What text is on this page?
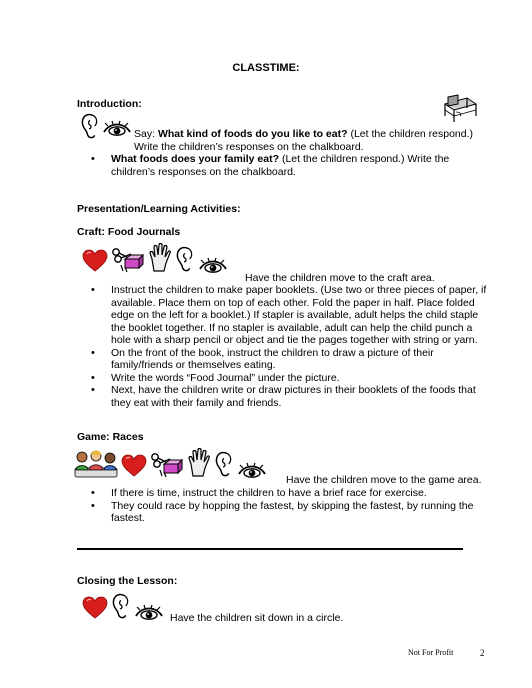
CLASSTIME:
Introduction:
Say: What kind of foods do you like to eat? (Let the children respond.) Write the children’s responses on the chalkboard.
• What foods does your family eat? (Let the children respond.) Write the children’s responses on the chalkboard.
Presentation/Learning Activities:
Craft: Food Journals
Have the children move to the craft area.
• Instruct the children to make paper booklets. (Use two or three pieces of paper, if available. Place them on top of each other. Fold the paper in half. Place folded edge on the left for a booklet.) If stapler is available, adult helps the child staple the booklet together. If no stapler is available, adult can help the child punch a hole with a sharp pencil or object and tie the pages together with string or yarn.
• On the front of the book, instruct the children to draw a picture of their family/friends or themselves eating.
• Write the words “Food Journal” under the picture.
• Next, have the children write or draw pictures in their booklets of the foods that they eat with their family and friends.
Game: Races
Have the children move to the game area.
• If there is time, instruct the children to have a brief race for exercise.
• They could race by hopping the fastest, by skipping the fastest, by running the fastest.
Closing the Lesson:
Have the children sit down in a circle.
Not For Profit	2
